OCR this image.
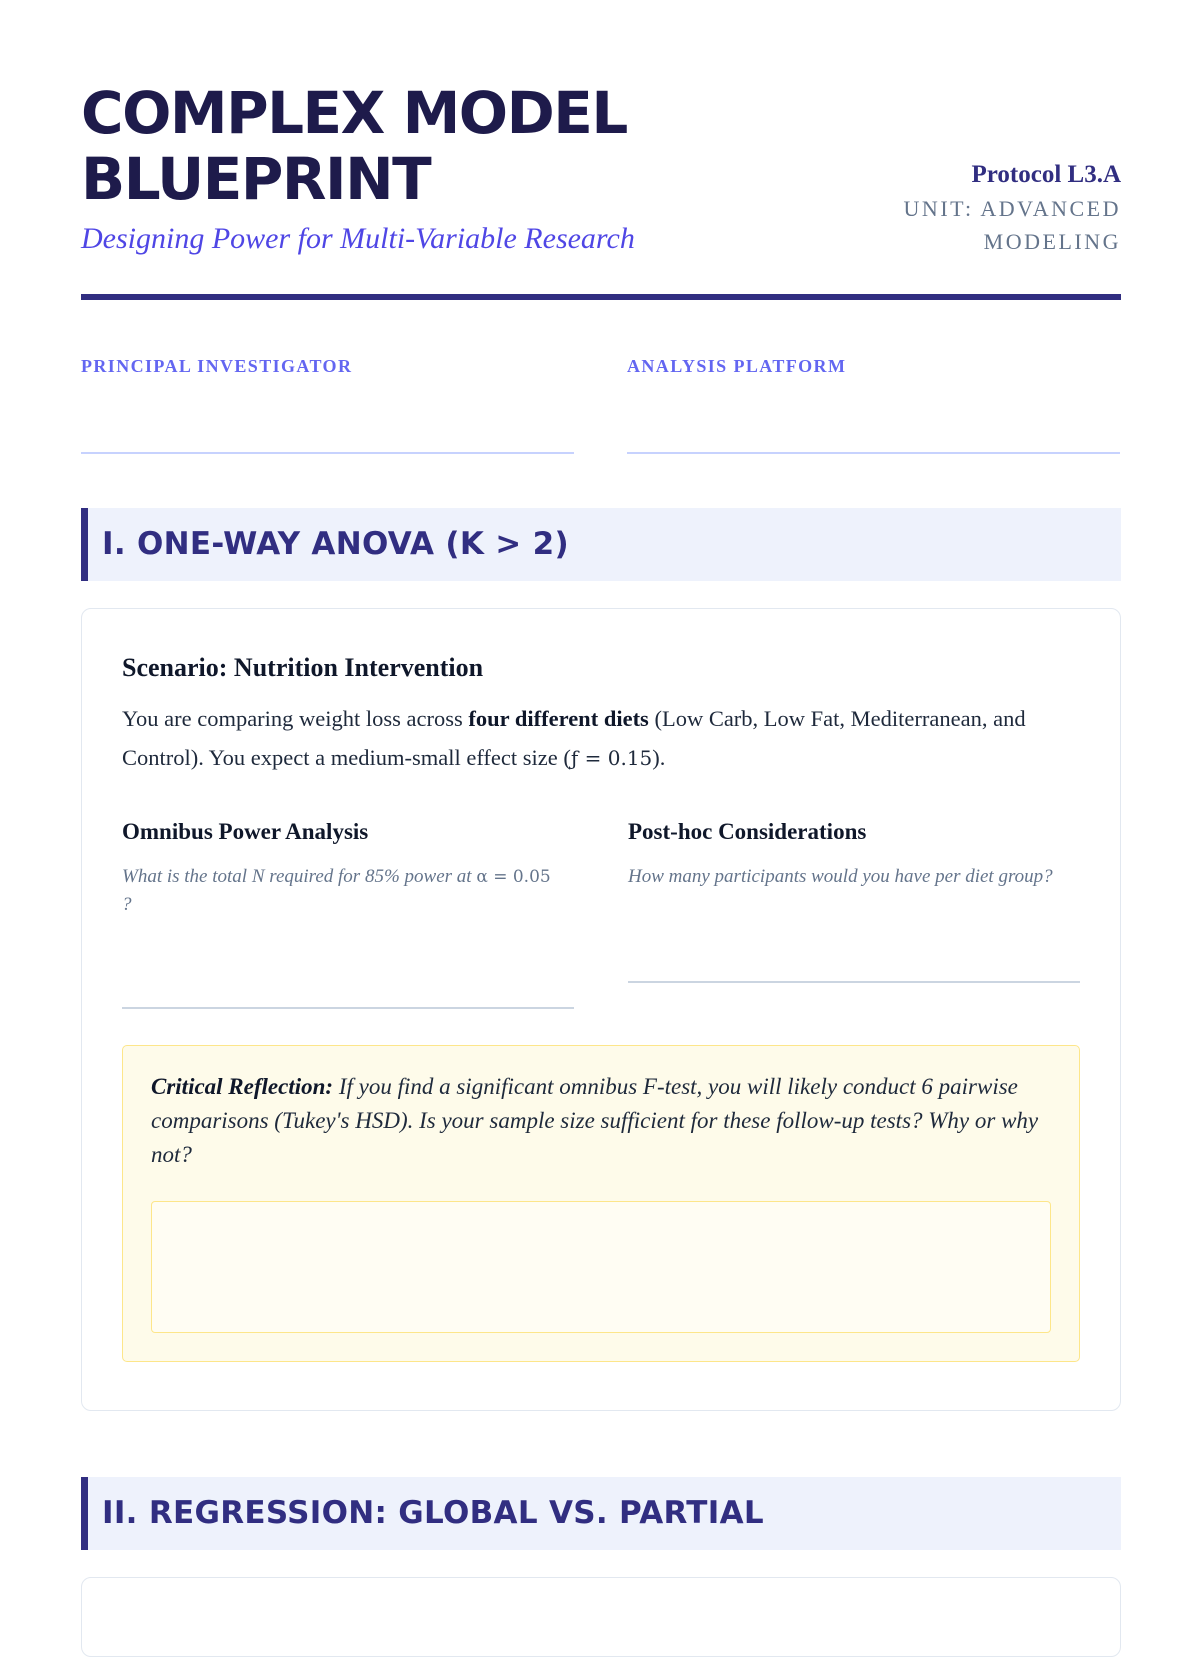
COMPLEX MODEL BLUEPRINT

Designing Power for Multi-Variable Research

Protocol L3.A
UNIT: ADVANCED MODELING
PRINCIPAL INVESTIGATOR	ANALYSIS PLATFORM
I. ONE-WAY ANOVA (K > 2)
Scenario: Nutrition Intervention

You are comparing weight loss across four different diets (Low Carb, Low Fat, Mediterranean, and Control). You expect a medium-small effect size (ƒ = 0.15).

Omnibus Power Analysis

What is the total N required for 85% power at α = 0.05
?

Post-hoc Considerations

How many participants would you have per diet group?

Critical Reflection: If you find a significant omnibus F-test, you will likely conduct 6 pairwise comparisons (Tukey's HSD). Is your sample size sufficient for these follow-up tests? Why or why not?

II. REGRESSION: GLOBAL VS. PARTIAL
